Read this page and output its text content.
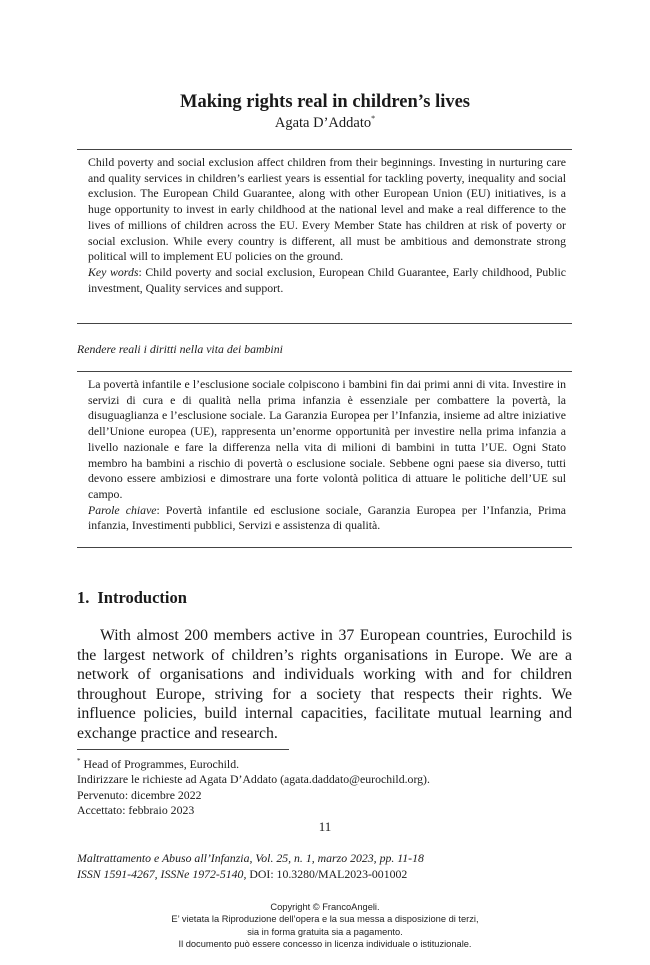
Making rights real in children’s lives
Agata D’Addato*

Child poverty and social exclusion affect children from their beginnings. Investing in nurturing care and quality services in children’s earliest years is essential for tackling poverty, inequality and social exclusion. The European Child Guarantee, along with other European Union (EU) initiatives, is a huge opportunity to invest in early childhood at the national level and make a real difference to the lives of millions of children across the EU. Every Member State has children at risk of poverty or social exclusion. While every country is different, all must be ambitious and demonstrate strong political will to implement EU policies on the ground.

Key words: Child poverty and social exclusion, European Child Guarantee, Early childhood, Public investment, Quality services and support.

Rendere reali i diritti nella vita dei bambini

La povertà infantile e l’esclusione sociale colpiscono i bambini fin dai primi anni di vita. Investire in servizi di cura e di qualità nella prima infanzia è essenziale per combattere la povertà, la disuguaglianza e l’esclusione sociale. La Garanzia Europea per l’Infanzia, insieme ad altre iniziative dell’Unione europea (UE), rappresenta un’enorme opportunità per investire nella prima infanzia a livello nazionale e fare la differenza nella vita di milioni di bambini in tutta l’UE. Ogni Stato membro ha bambini a rischio di povertà o esclusione sociale. Sebbene ogni paese sia diverso, tutti devono essere ambiziosi e dimostrare una forte volontà politica di attuare le politiche dell’UE sul campo.

Parole chiave: Povertà infantile ed esclusione sociale, Garanzia Europea per l’Infanzia, Prima infanzia, Investimenti pubblici, Servizi e assistenza di qualità.

1. Introduction

With almost 200 members active in 37 European countries, Eurochild is the largest network of children’s rights organisations in Europe. We are a network of organisations and individuals working with and for children throughout Europe, striving for a society that respects their rights. We influence policies, build internal capacities, facilitate mutual learning and exchange practice and research.

* Head of Programmes, Eurochild.
Indirizzare le richieste ad Agata D’Addato (agata.daddato@eurochild.org).
Pervenuto: dicembre 2022
Accettato: febbraio 2023
11
Maltrattamento e Abuso all’Infanzia, Vol. 25, n. 1, marzo 2023, pp. 11-18
ISSN 1591-4267, ISSNe 1972-5140, DOI: 10.3280/MAL2023-001002
Copyright © FrancoAngeli.
E’ vietata la Riproduzione dell’opera e la sua messa a disposizione di terzi,
sia in forma gratuita sia a pagamento.
Il documento può essere concesso in licenza individuale o istituzionale.
